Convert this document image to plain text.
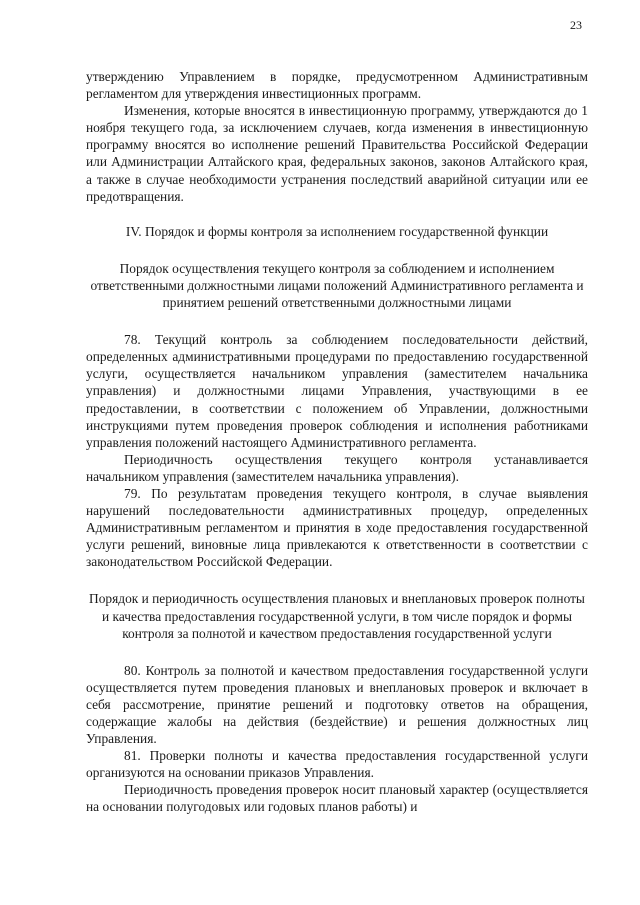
23

утверждению Управлением в порядке, предусмотренном Административным регламентом для утверждения инвестиционных программ.

Изменения, которые вносятся в инвестиционную программу, утверждаются до 1 ноября текущего года, за исключением случаев, когда изменения в инвестиционную программу вносятся во исполнение решений Правительства Российской Федерации или Администрации Алтайского края, федеральных законов, законов Алтайского края, а также в случае необходимости устранения последствий аварийной ситуации или ее предотвращения.

IV. Порядок и формы контроля за исполнением государственной функции

Порядок осуществления текущего контроля за соблюдением и исполнением ответственными должностными лицами положений Административного регламента и принятием решений ответственными должностными лицами

78. Текущий контроль за соблюдением последовательности действий, определенных административными процедурами по предоставлению государственной услуги, осуществляется начальником управления (заместителем начальника управления) и должностными лицами Управления, участвующими в ее предоставлении, в соответствии с положением об Управлении, должностными инструкциями путем проведения проверок соблюдения и исполнения работниками управления положений настоящего Административного регламента.

Периодичность осуществления текущего контроля устанавливается начальником управления (заместителем начальника управления).

79. По результатам проведения текущего контроля, в случае выявления нарушений последовательности административных процедур, определенных Административным регламентом и принятия в ходе предоставления государственной услуги решений, виновные лица привлекаются к ответственности в соответствии с законодательством Российской Федерации.

Порядок и периодичность осуществления плановых и внеплановых проверок полноты и качества предоставления государственной услуги, в том числе порядок и формы контроля за полнотой и качеством предоставления государственной услуги

80. Контроль за полнотой и качеством предоставления государственной услуги осуществляется путем проведения плановых и внеплановых проверок и включает в себя рассмотрение, принятие решений и подготовку ответов на обращения, содержащие жалобы на действия (бездействие) и решения должностных лиц Управления.

81. Проверки полноты и качества предоставления государственной услуги организуются на основании приказов Управления.

Периодичность проведения проверок носит плановый характер (осуществляется на основании полугодовых или годовых планов работы) и
